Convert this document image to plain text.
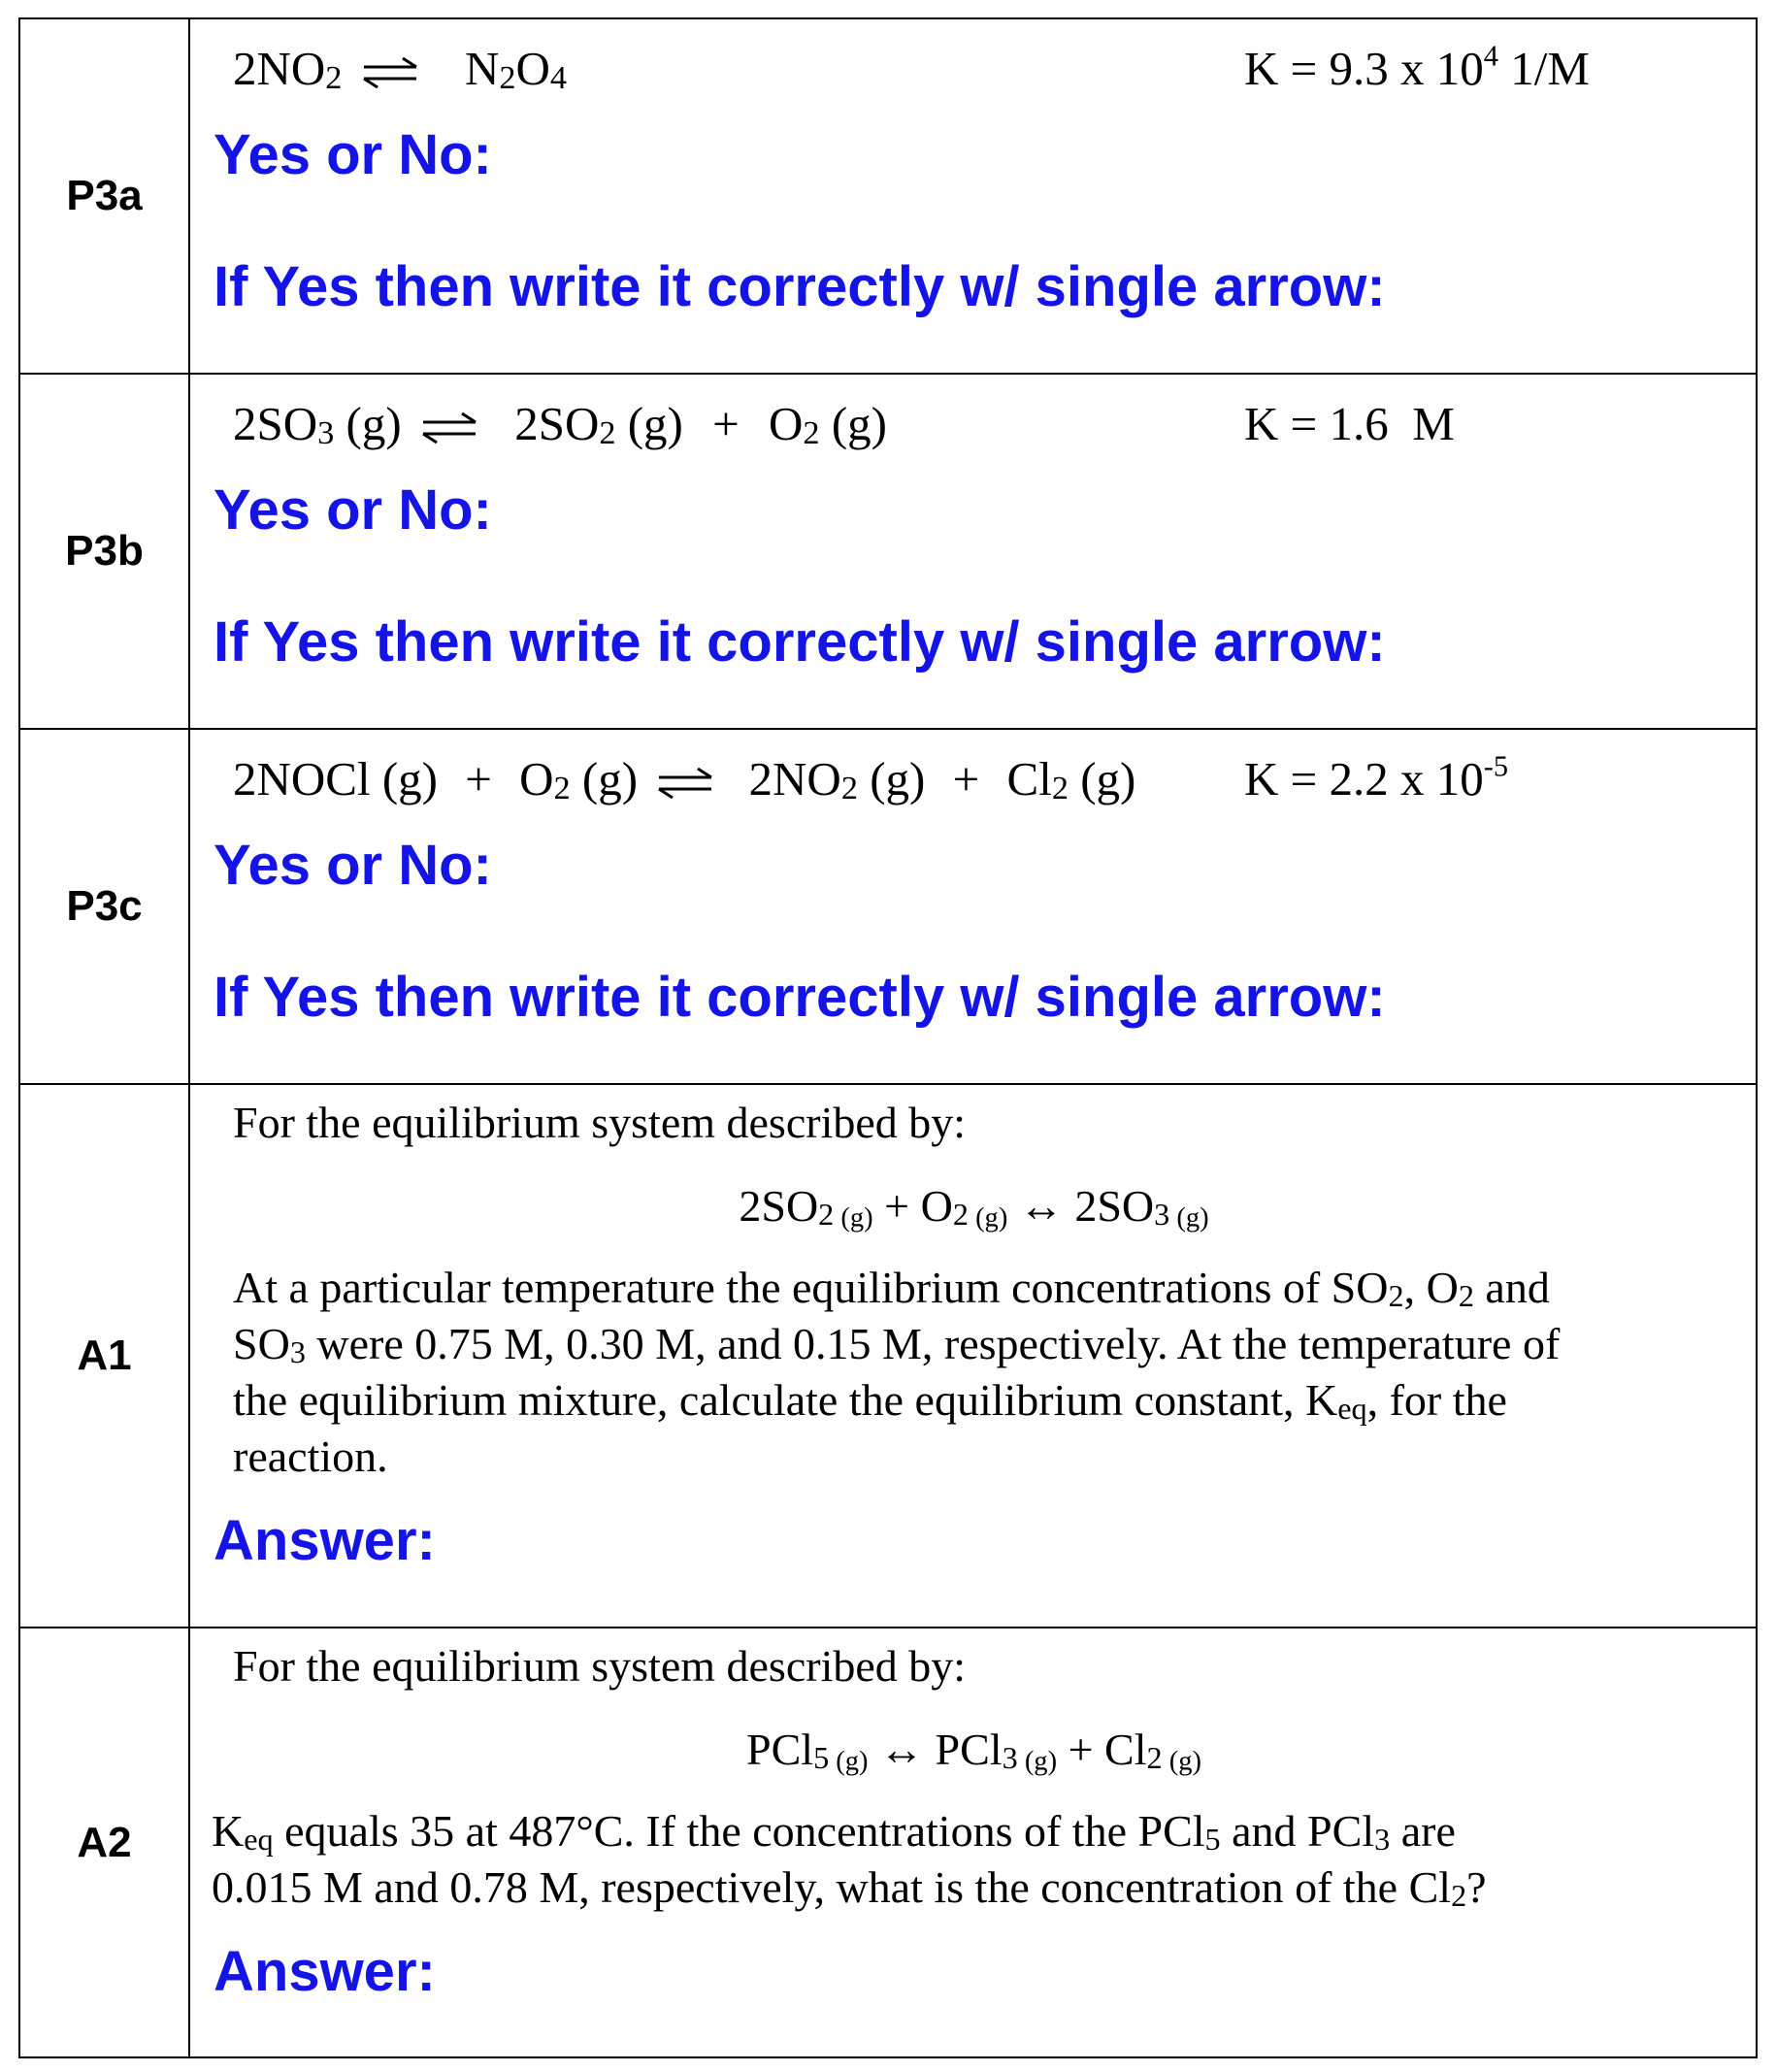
P3a
$2NO_2$ ⇌ $N_2O_4$	K = 9.3 x $10^4$ 1/M
Yes or No:
If Yes then write it correctly w/ single arrow:
P3b
$2SO_3$ (g) ⇌ $2SO_2$ $(g) + O_2$ (g)	K = 1.6  M
Yes or No:
If Yes then write it correctly w/ single arrow:
P3c
2NOCl $(g) + O_2$ (g) ⇌ $2NO_2$ $(g) + Cl_2$ (g) K = 2.2 x $10^{-5}$
Yes or No:
If Yes then write it correctly w/ single arrow:
A1
For the equilibrium system described by:
$2SO_2$ $_{(g)} + O_2$ $_{(g)}$ ↔ $2SO_3$ $_{(g)}$
At a particular temperature the equilibrium concentrations of $SO_2$, $O_2$ and
$SO_3$ were 0.75 M, 0.30 M, and 0.15 M, respectively. At the temperature of
the equilibrium mixture, calculate the equilibrium constant, $K_{eq}$, for the
reaction.
Answer:
A2
For the equilibrium system described by:
PCl$_5$ $_{(g)}$ ↔ PCl$_3$ $_{(g)} + Cl_2$ $_{(g)}$
$K_{eq}$ equals 35 at 487°C. If the concentrations of the PCl$_5$ and PCl$_3$ are
0.015 M and 0.78 M, respectively, what is the concentration of the $Cl_2$?
Answer:
